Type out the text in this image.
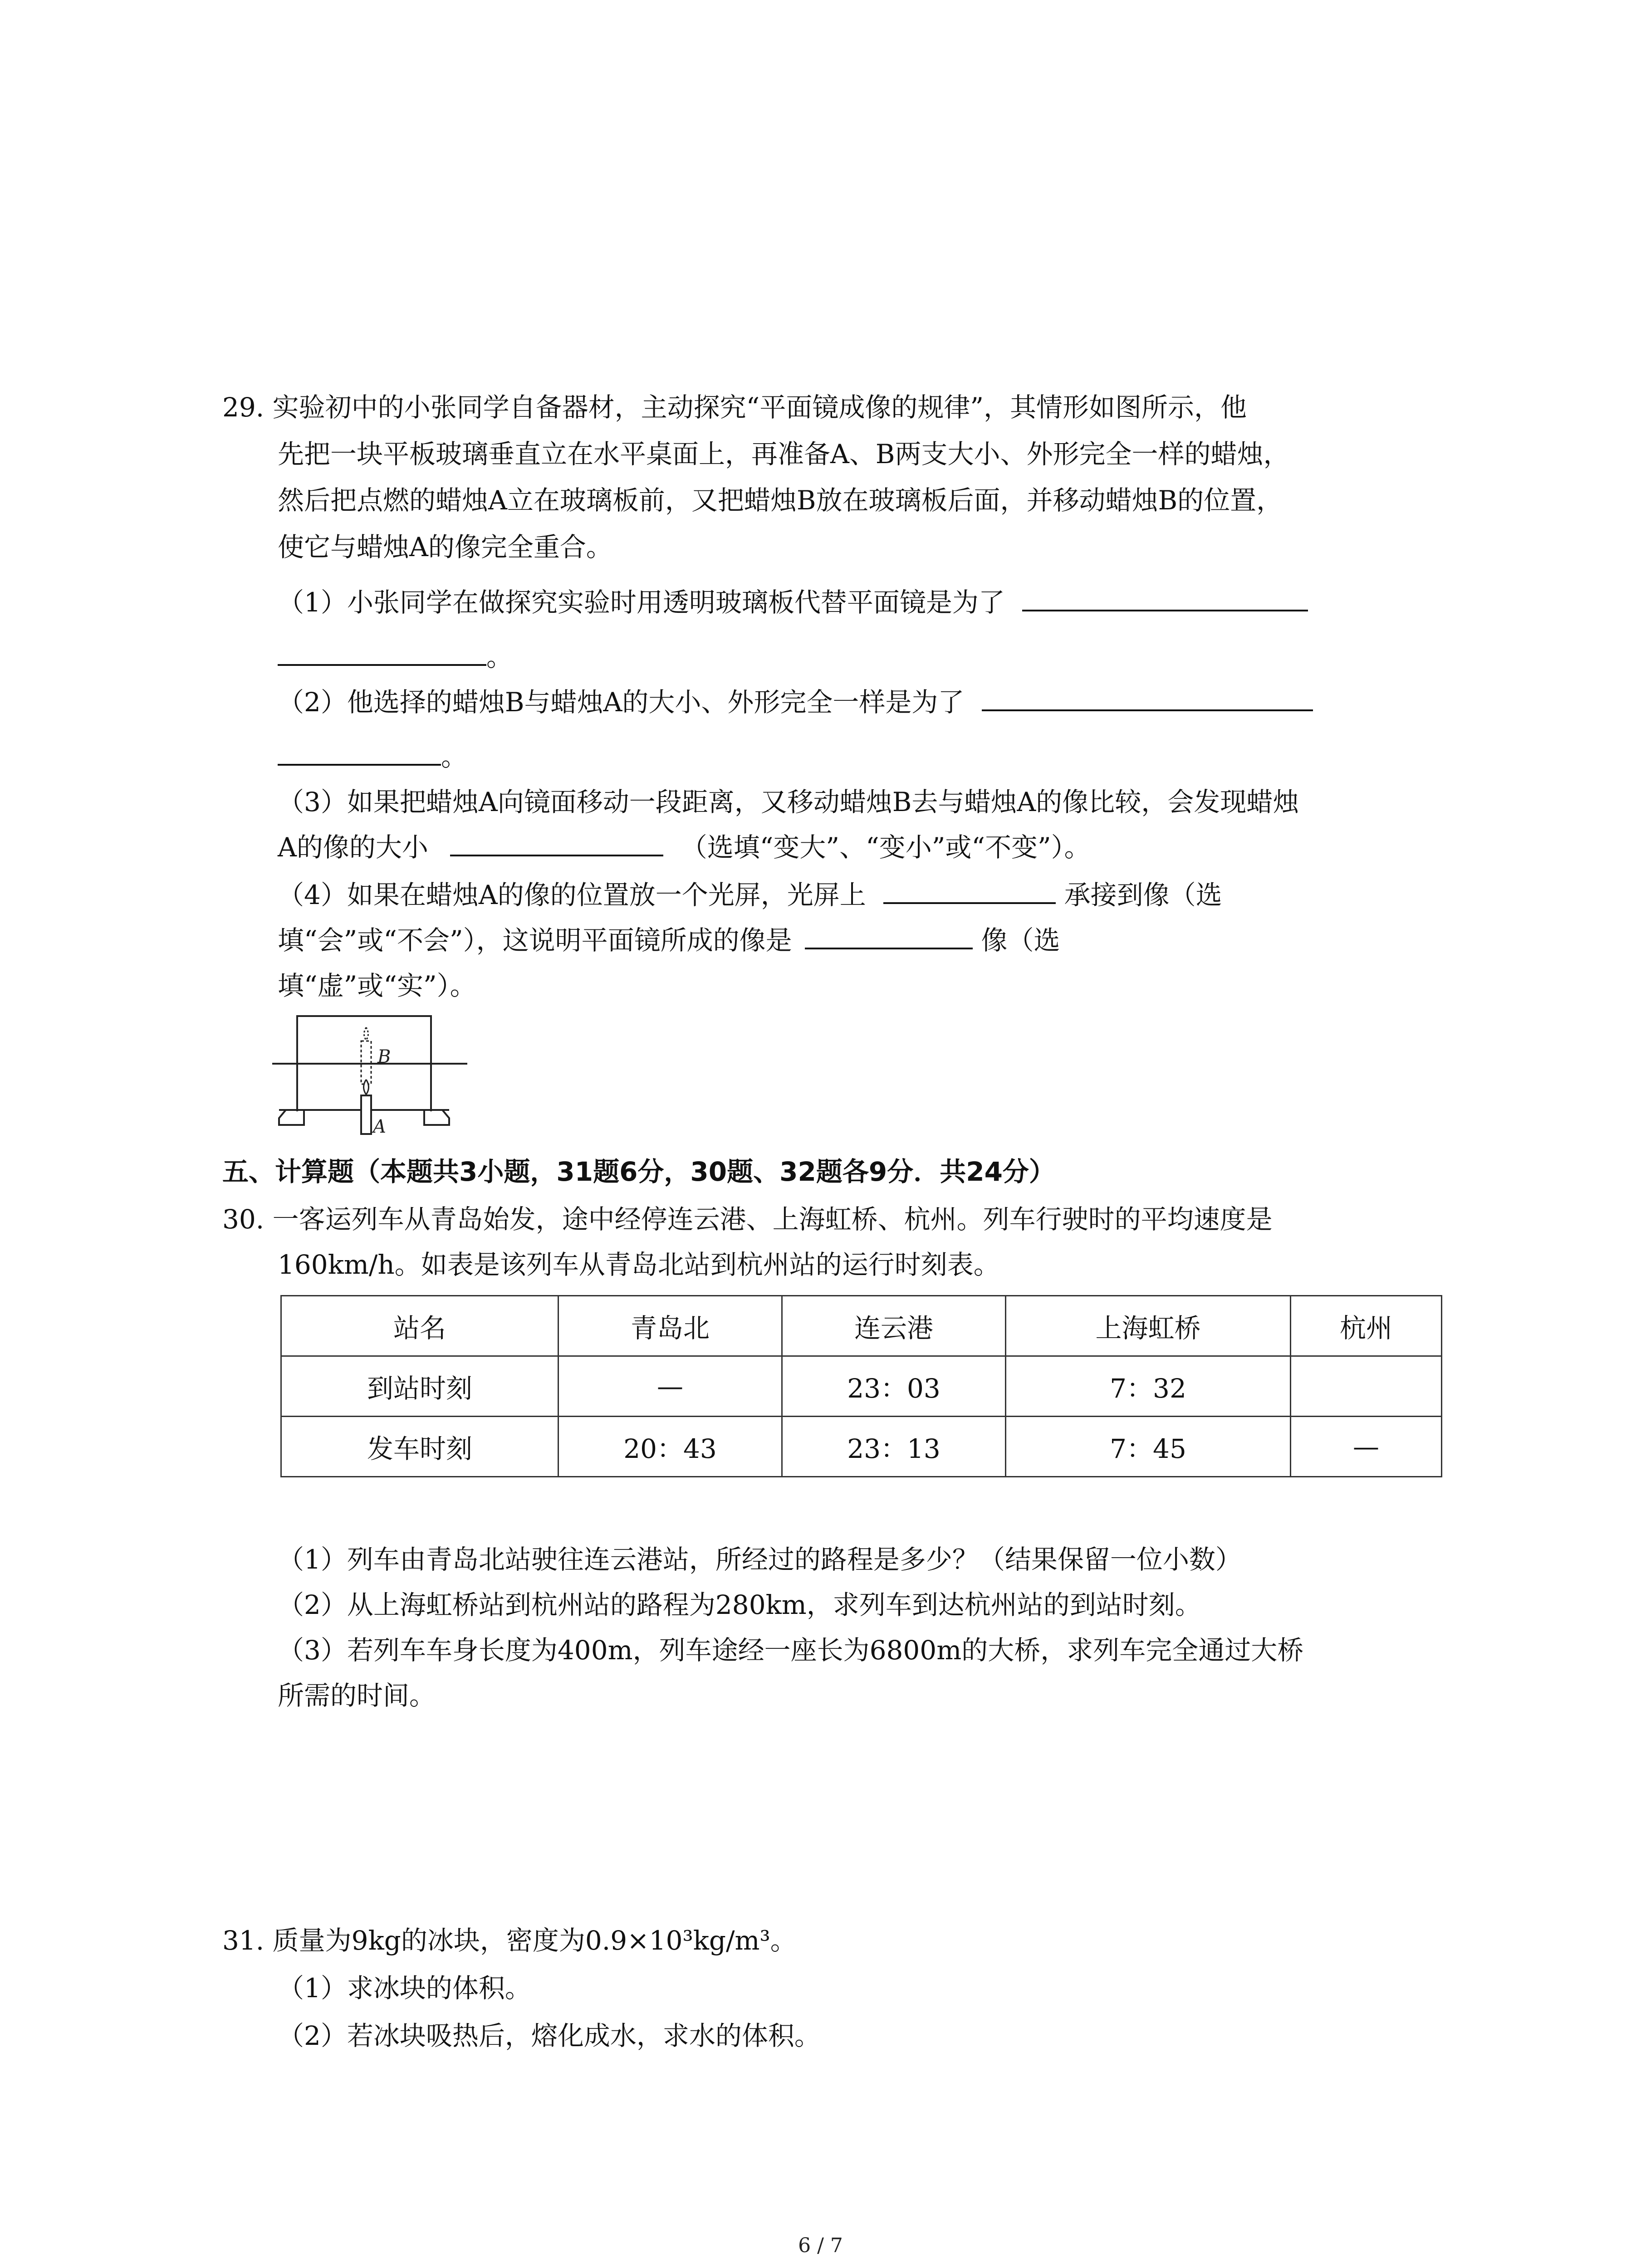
29. 实验初中的小张同学自备器材，主动探究“平面镜成像的规律”，其情形如图所示，他
先把一块平板玻璃垂直立在水平桌面上，再准备A、B两支大小、外形完全一样的蜡烛，
然后把点燃的蜡烛A立在玻璃板前，又把蜡烛B放在玻璃板后面，并移动蜡烛B的位置，
使它与蜡烛A的像完全重合。
（1）小张同学在做探究实验时用透明玻璃板代替平面镜是为了
。
（2）他选择的蜡烛B与蜡烛A的大小、外形完全一样是为了
。
（3）如果把蜡烛A向镜面移动一段距离，又移动蜡烛B去与蜡烛A的像比较，会发现蜡烛
A的像的大小	（选填“变大”、“变小”或“不变”）。
（4）如果在蜡烛A的像的位置放一个光屏，光屏上	承接到像（选
填“会”或“不会”），这说明平面镜所成的像是	像（选
填“虚”或“实”）。
B
A
五、计算题（本题共3小题，31题6分，30题、32题各9分．共24分）
30. 一客运列车从青岛始发，途中经停连云港、上海虹桥、杭州。列车行驶时的平均速度是
160km/h。如表是该列车从青岛北站到杭州站的运行时刻表。
站名	青岛北	连云港	上海虹桥	杭州
到站时刻	—	23：03	7：32	
发车时刻	20：43	23：13	7：45	—
（1）列车由青岛北站驶往连云港站，所经过的路程是多少？（结果保留一位小数）
（2）从上海虹桥站到杭州站的路程为280km，求列车到达杭州站的到站时刻。
（3）若列车车身长度为400m，列车途经一座长为6800m的大桥，求列车完全通过大桥
所需的时间。
31. 质量为9kg的冰块，密度为0.9×10³kg/m³。
（1）求冰块的体积。
（2）若冰块吸热后，熔化成水，求水的体积。
6 / 7
